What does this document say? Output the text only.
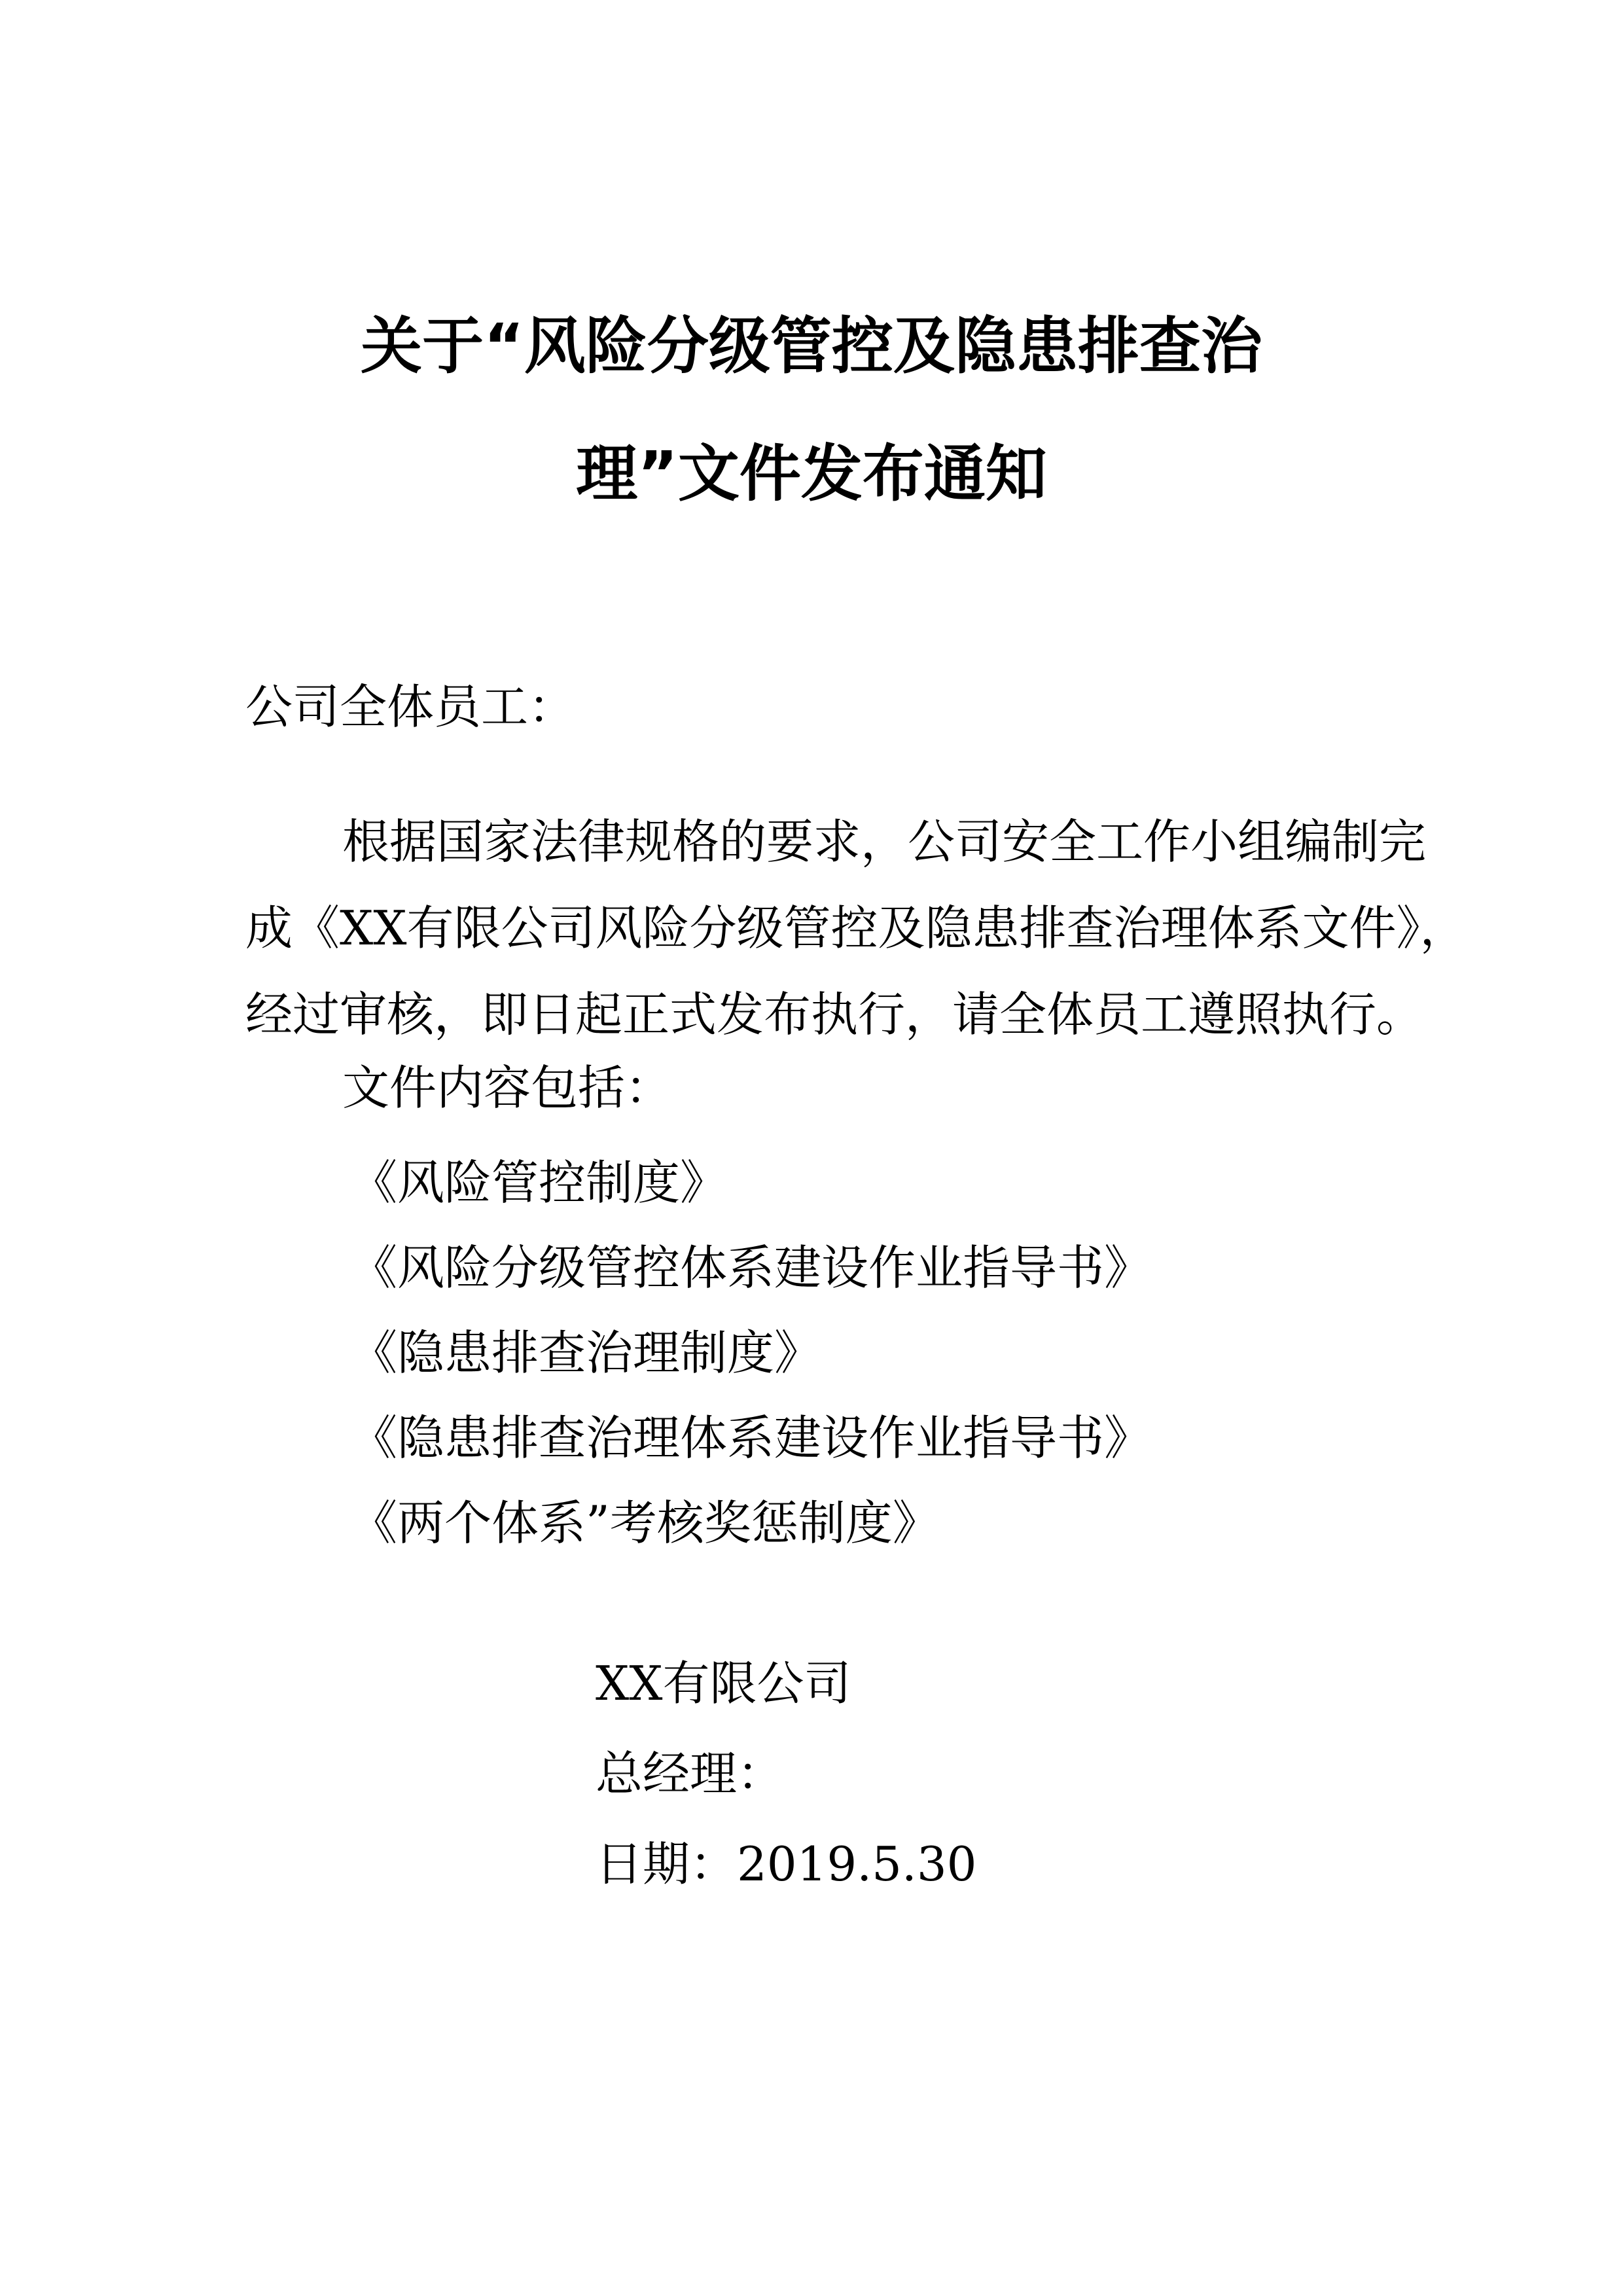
关于“风险分级管控及隐患排查治
理”文件发布通知
公司全体员工：
根据国家法律规格的要求，公司安全工作小组编制完
成《XX有限公司风险分级管控及隐患排查治理体系文件》，
经过审核，即日起正式发布执行，请全体员工遵照执行。
文件内容包括：
《风险管控制度》
《风险分级管控体系建设作业指导书》
《隐患排查治理制度》
《隐患排查治理体系建设作业指导书》
《两个体系”考核奖惩制度》
XX有限公司
总经理：
日期：2019.5.30
